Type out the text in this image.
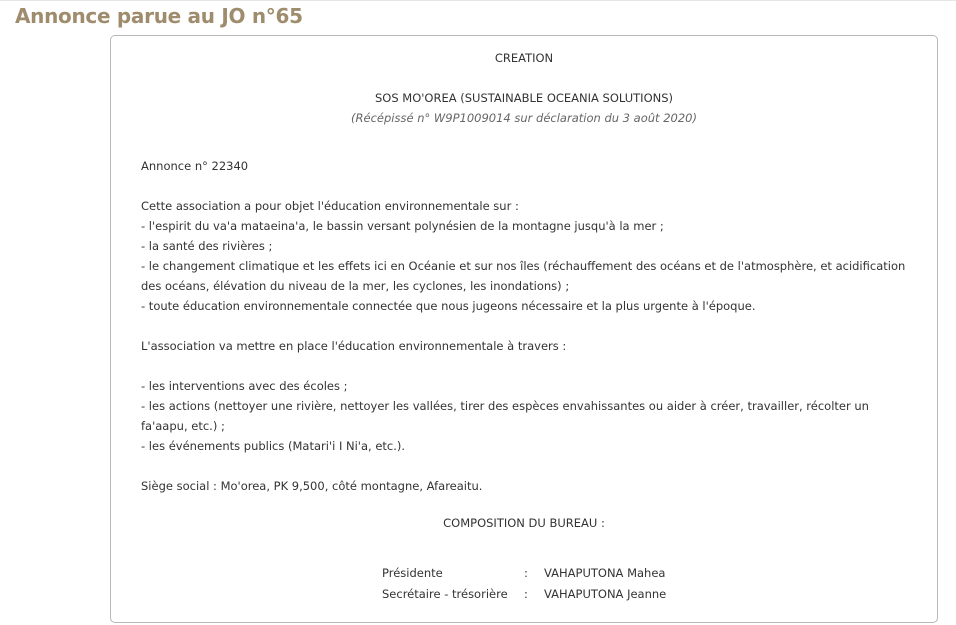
Annonce parue au JO n°65
CREATION
SOS MO'OREA (SUSTAINABLE OCEANIA SOLUTIONS)
(Récépissé n° W9P1009014 sur déclaration du 3 août 2020)
Annonce n° 22340
Cette association a pour objet l'éducation environnementale sur :
- l'espirit du va'a mataeina'a, le bassin versant polynésien de la montagne jusqu'à la mer ;
- la santé des rivières ;
- le changement climatique et les effets ici en Océanie et sur nos îles (réchauffement des océans et de l'atmosphère, et acidification des océans, élévation du niveau de la mer, les cyclones, les inondations) ;
- toute éducation environnementale connectée que nous jugeons nécessaire et la plus urgente à l'époque.
L'association va mettre en place l'éducation environnementale à travers :
- les interventions avec des écoles ;
- les actions (nettoyer une rivière, nettoyer les vallées, tirer des espèces envahissantes ou aider à créer, travailler, récolter un fa'aapu, etc.) ;
- les événements publics (Matari'i I Ni'a, etc.).
Siège social : Mo'orea, PK 9,500, côté montagne, Afareaitu.
COMPOSITION DU BUREAU :
Présidente	:	VAHAPUTONA Mahea
Secrétaire - trésorière	:	VAHAPUTONA Jeanne
